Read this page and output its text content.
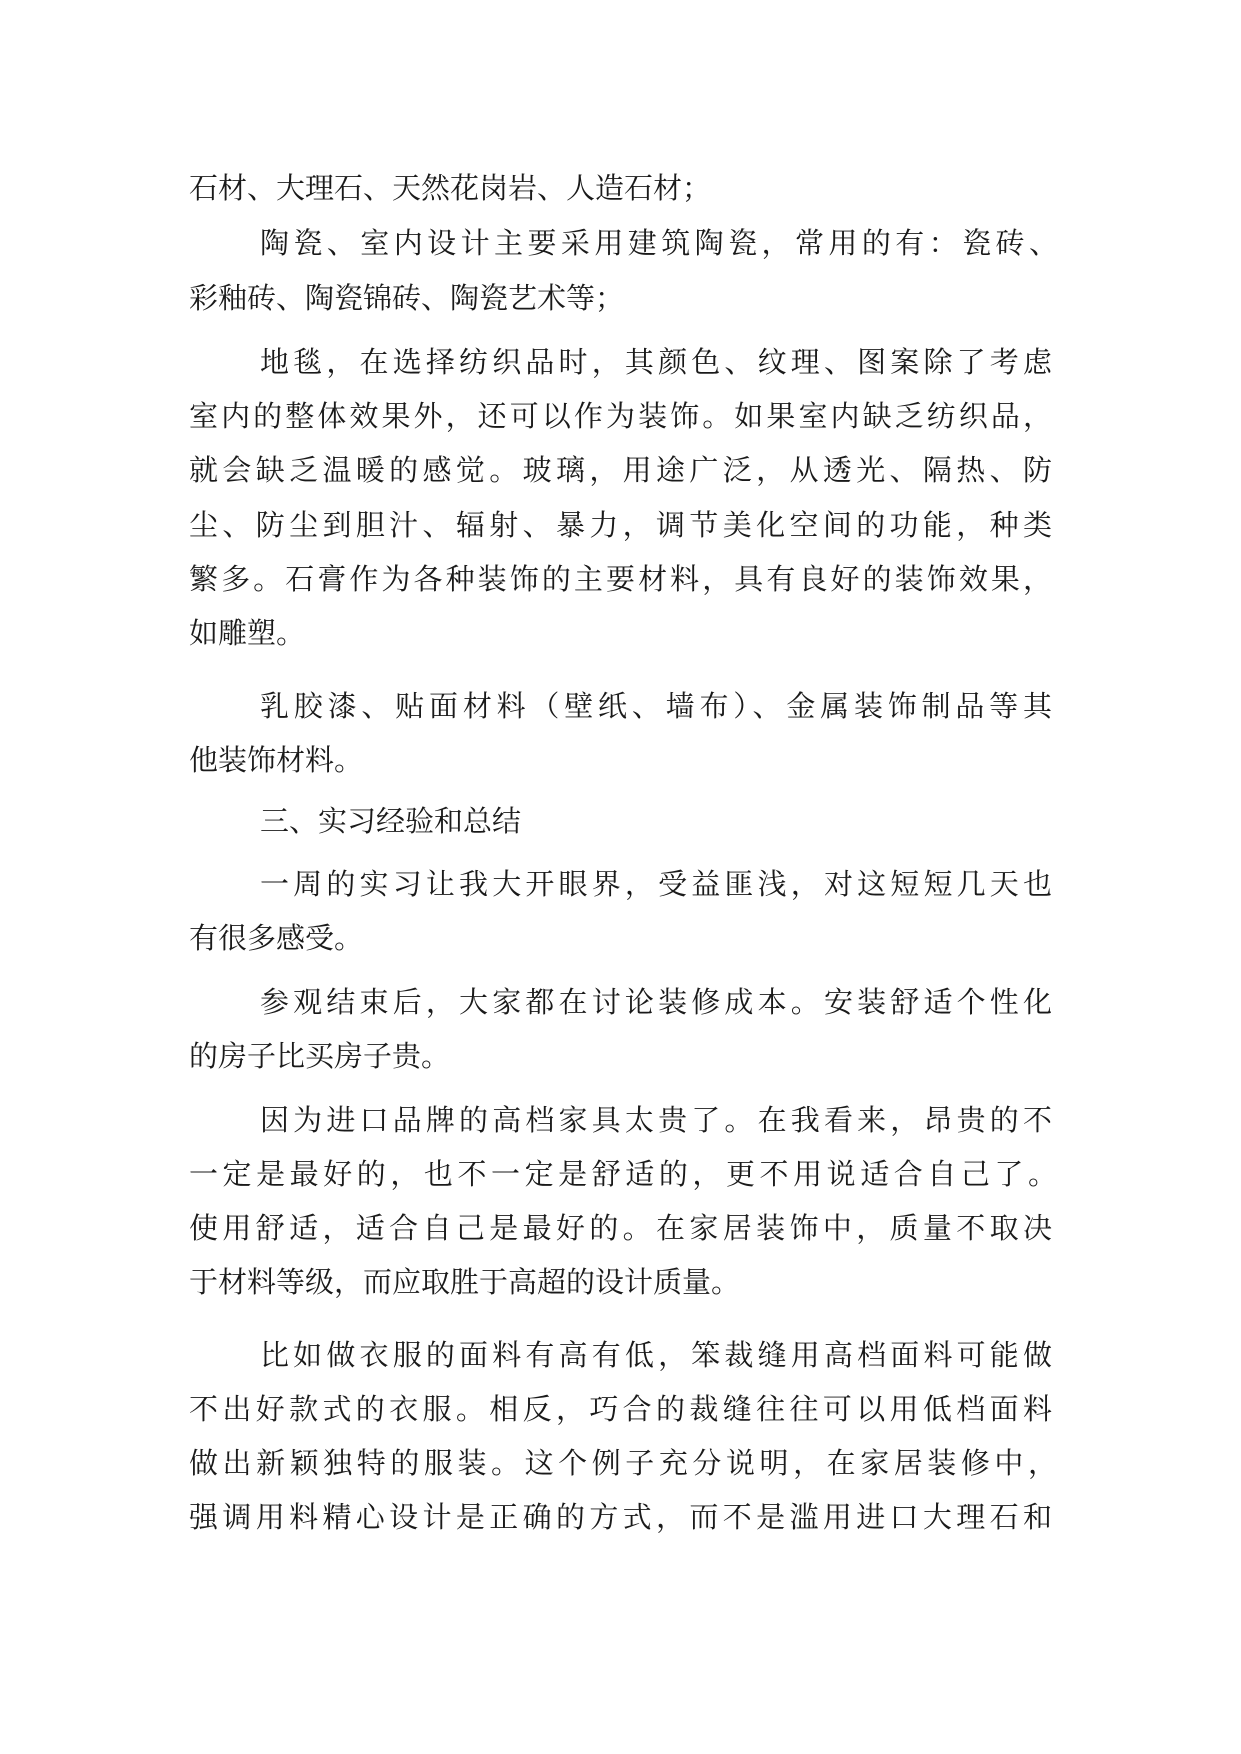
石材、大理石、天然花岗岩、人造石材；
陶瓷、室内设计主要采用建筑陶瓷，常用的有：瓷砖、
彩釉砖、陶瓷锦砖、陶瓷艺术等；
地毯，在选择纺织品时，其颜色、纹理、图案除了考虑
室内的整体效果外，还可以作为装饰。如果室内缺乏纺织品，
就会缺乏温暖的感觉。玻璃，用途广泛，从透光、隔热、防
尘、防尘到胆汁、辐射、暴力，调节美化空间的功能，种类
繁多。石膏作为各种装饰的主要材料，具有良好的装饰效果，
如雕塑。
乳胶漆、贴面材料（壁纸、墙布）、金属装饰制品等其
他装饰材料。
三、实习经验和总结
一周的实习让我大开眼界，受益匪浅，对这短短几天也
有很多感受。
参观结束后，大家都在讨论装修成本。安装舒适个性化
的房子比买房子贵。
因为进口品牌的高档家具太贵了。在我看来，昂贵的不
一定是最好的，也不一定是舒适的，更不用说适合自己了。
使用舒适，适合自己是最好的。在家居装饰中，质量不取决
于材料等级，而应取胜于高超的设计质量。
比如做衣服的面料有高有低，笨裁缝用高档面料可能做
不出好款式的衣服。相反，巧合的裁缝往往可以用低档面料
做出新颖独特的服装。这个例子充分说明，在家居装修中，
强调用料精心设计是正确的方式，而不是滥用进口大理石和
